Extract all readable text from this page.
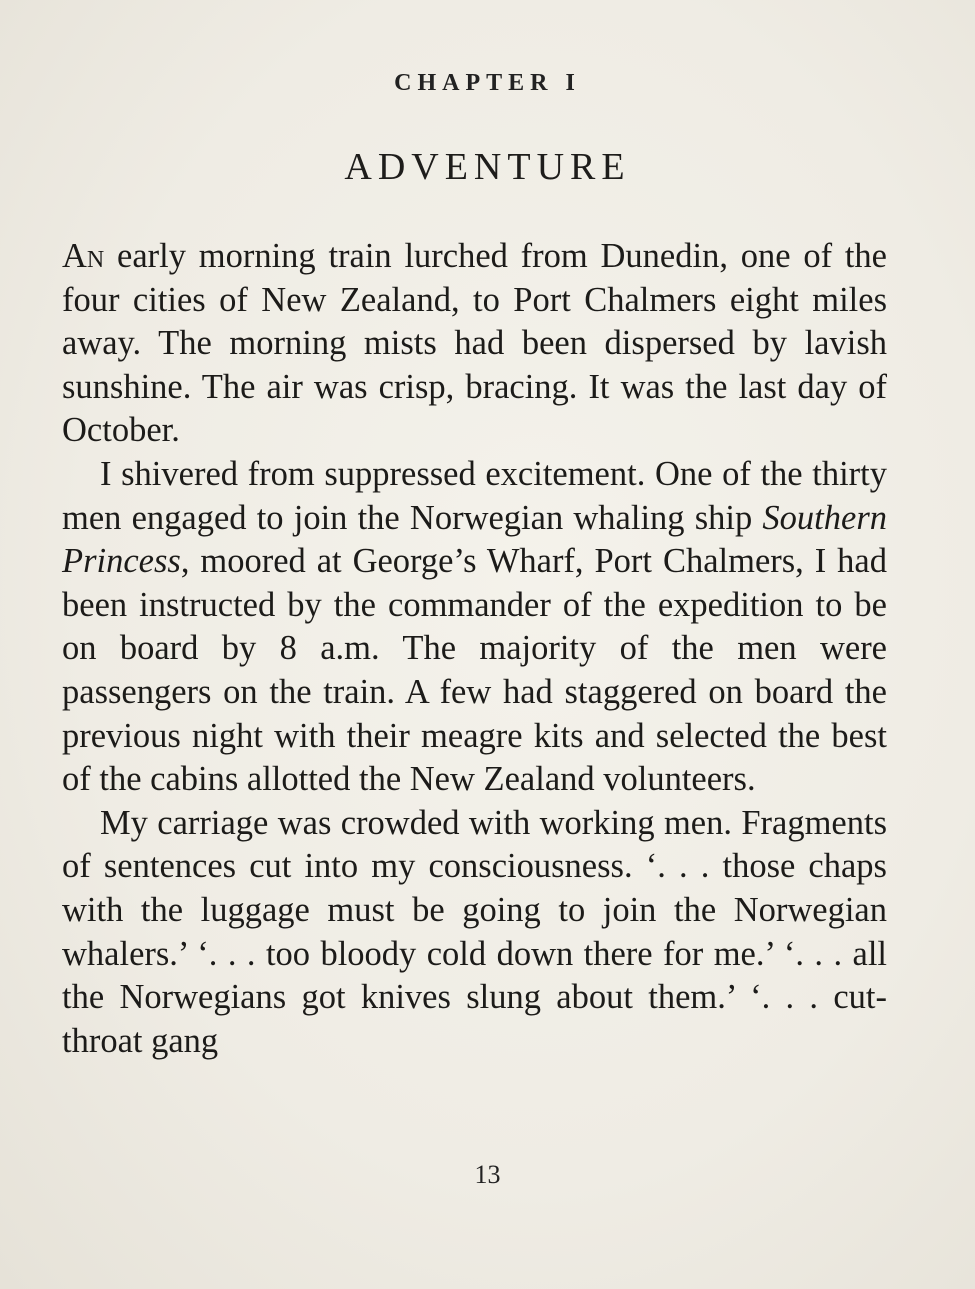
CHAPTER I
ADVENTURE

An early morning train lurched from Dunedin, one of the four cities of New Zealand, to Port Chalmers eight miles away. The morning mists had been dispersed by lavish sunshine. The air was crisp, bracing. It was the last day of October.

I shivered from suppressed excitement. One of the thirty men engaged to join the Norwegian whaling ship Southern Princess, moored at George’s Wharf, Port Chalmers, I had been instructed by the commander of the expedition to be on board by 8 a.m. The majority of the men were passengers on the train. A few had staggered on board the previous night with their meagre kits and selected the best of the cabins allotted the New Zealand volunteers.

My carriage was crowded with working men. Fragments of sentences cut into my consciousness. ‘. . . those chaps with the luggage must be going to join the Norwegian whalers.’ ‘. . . too bloody cold down there for me.’ ‘. . . all the Norwegians got knives slung about them.’ ‘. . . cut-throat gang

13
